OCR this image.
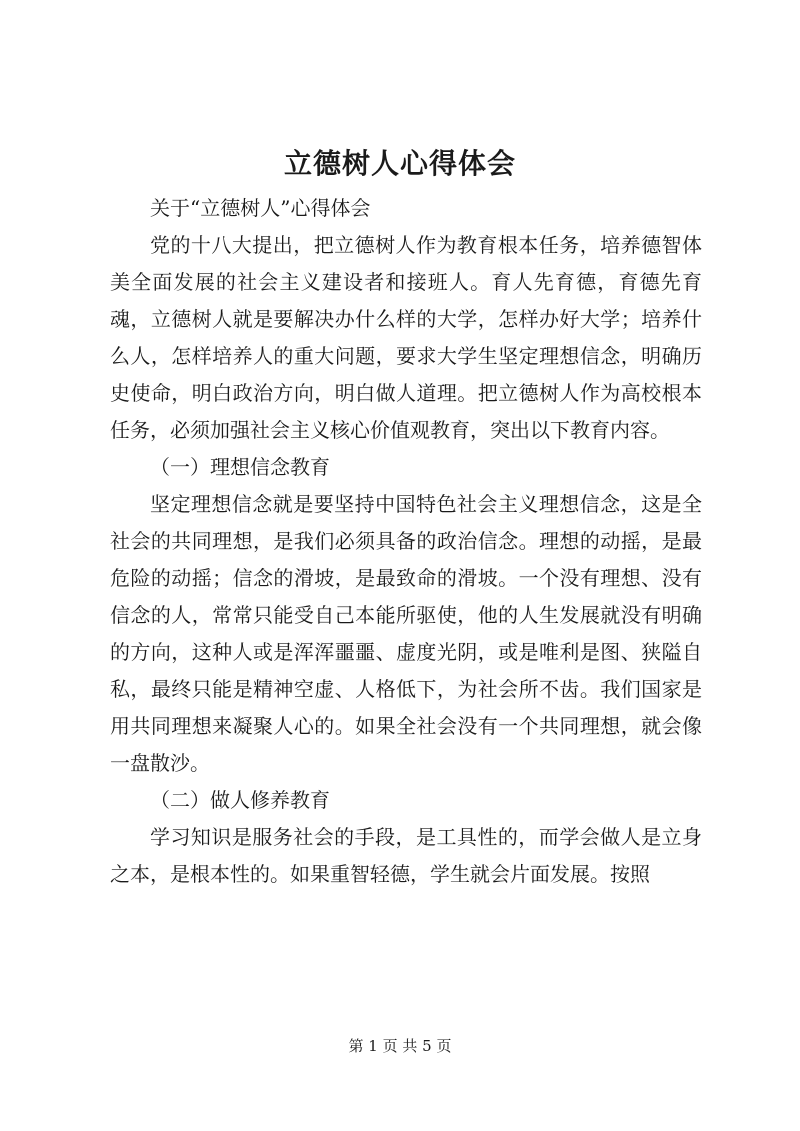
立德树人心得体会

关于“立德树人”心得体会

党的十八大提出，把立德树人作为教育根本任务，培养德智体美全面发展的社会主义建设者和接班人。育人先育德，育德先育魂，立德树人就是要解决办什么样的大学，怎样办好大学；培养什么人，怎样培养人的重大问题，要求大学生坚定理想信念，明确历史使命，明白政治方向，明白做人道理。把立德树人作为高校根本任务，必须加强社会主义核心价值观教育，突出以下教育内容。

（一）理想信念教育

坚定理想信念就是要坚持中国特色社会主义理想信念，这是全社会的共同理想，是我们必须具备的政治信念。理想的动摇，是最危险的动摇；信念的滑坡，是最致命的滑坡。一个没有理想、没有信念的人，常常只能受自己本能所驱使，他的人生发展就没有明确的方向，这种人或是浑浑噩噩、虚度光阴，或是唯利是图、狭隘自私，最终只能是精神空虚、人格低下，为社会所不齿。我们国家是用共同理想来凝聚人心的。如果全社会没有一个共同理想，就会像一盘散沙。

（二）做人修养教育

学习知识是服务社会的手段，是工具性的，而学会做人是立身之本，是根本性的。如果重智轻德，学生就会片面发展。按照

第 1 页 共 5 页
